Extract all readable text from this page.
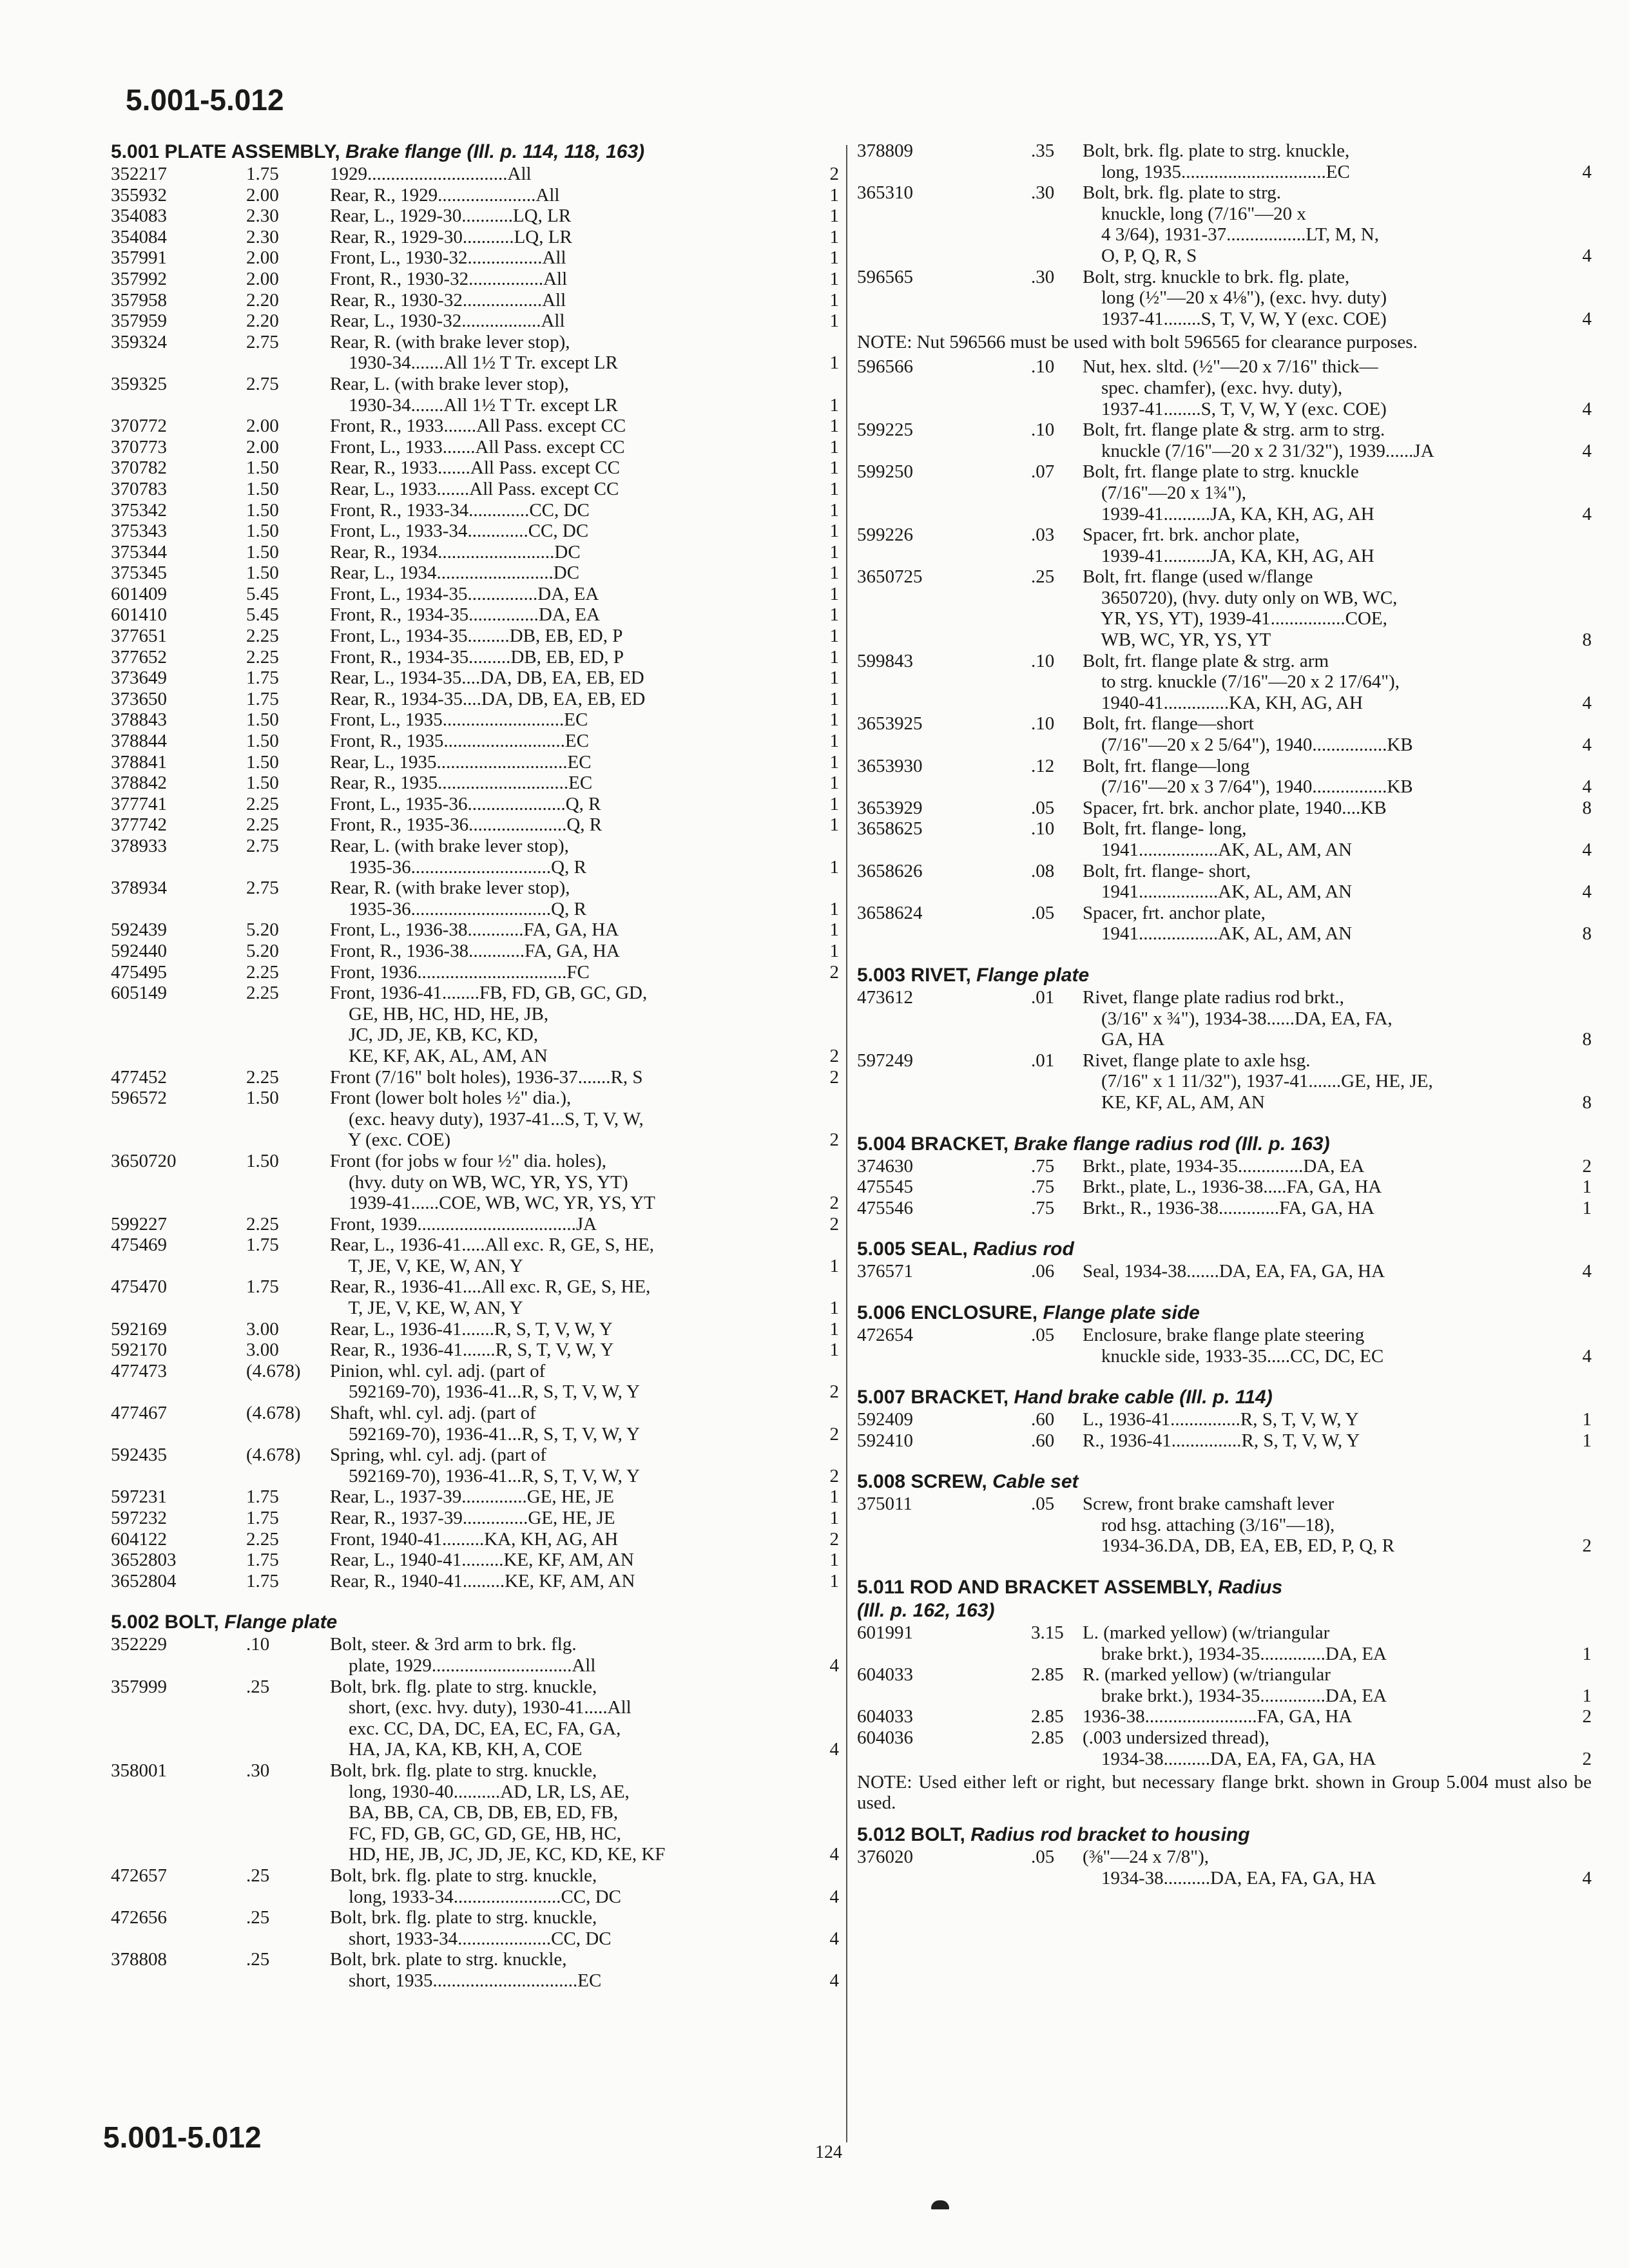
5.001-5.012
5.001 PLATE ASSEMBLY, Brake flange (Ill. p. 114, 118, 163)
352217	1.75	1929..............................All	2
355932	2.00	Rear, R., 1929.....................All	1
354083	2.30	Rear, L., 1929-30...........LQ, LR	1
354084	2.30	Rear, R., 1929-30...........LQ, LR	1
357991	2.00	Front, L., 1930-32................All	1
357992	2.00	Front, R., 1930-32................All	1
357958	2.20	Rear, R., 1930-32.................All	1
357959	2.20	Rear, L., 1930-32.................All	1
359324	2.75	Rear, R. (with brake lever stop),
1930-34.......All 1½ T Tr. except LR	1
359325	2.75	Rear, L. (with brake lever stop),
1930-34.......All 1½ T Tr. except LR	1
370772	2.00	Front, R., 1933.......All Pass. except CC	1
370773	2.00	Front, L., 1933.......All Pass. except CC	1
370782	1.50	Rear, R., 1933.......All Pass. except CC	1
370783	1.50	Rear, L., 1933.......All Pass. except CC	1
375342	1.50	Front, R., 1933-34.............CC, DC	1
375343	1.50	Front, L., 1933-34.............CC, DC	1
375344	1.50	Rear, R., 1934.........................DC	1
375345	1.50	Rear, L., 1934.........................DC	1
601409	5.45	Front, L., 1934-35...............DA, EA	1
601410	5.45	Front, R., 1934-35...............DA, EA	1
377651	2.25	Front, L., 1934-35.........DB, EB, ED, P	1
377652	2.25	Front, R., 1934-35.........DB, EB, ED, P	1
373649	1.75	Rear, L., 1934-35....DA, DB, EA, EB, ED	1
373650	1.75	Rear, R., 1934-35....DA, DB, EA, EB, ED	1
378843	1.50	Front, L., 1935..........................EC	1
378844	1.50	Front, R., 1935..........................EC	1
378841	1.50	Rear, L., 1935............................EC	1
378842	1.50	Rear, R., 1935............................EC	1
377741	2.25	Front, L., 1935-36.....................Q, R	1
377742	2.25	Front, R., 1935-36.....................Q, R	1
378933	2.75	Rear, L. (with brake lever stop),
1935-36..............................Q, R	1
378934	2.75	Rear, R. (with brake lever stop),
1935-36..............................Q, R	1
592439	5.20	Front, L., 1936-38............FA, GA, HA	1
592440	5.20	Front, R., 1936-38............FA, GA, HA	1
475495	2.25	Front, 1936................................FC	2
605149	2.25	Front, 1936-41........FB, FD, GB, GC, GD,
GE, HB, HC, HD, HE, JB,
JC, JD, JE, KB, KC, KD,
KE, KF, AK, AL, AM, AN	2
477452	2.25	Front (7/16" bolt holes), 1936-37.......R, S	2
596572	1.50	Front (lower bolt holes ½" dia.),
(exc. heavy duty), 1937-41...S, T, V, W,
Y (exc. COE)	2
3650720	1.50	Front (for jobs w four ½" dia. holes),
(hvy. duty on WB, WC, YR, YS, YT)
1939-41......COE, WB, WC, YR, YS, YT	2
599227	2.25	Front, 1939..................................JA	2
475469	1.75	Rear, L., 1936-41.....All exc. R, GE, S, HE,
T, JE, V, KE, W, AN, Y	1
475470	1.75	Rear, R., 1936-41....All exc. R, GE, S, HE,
T, JE, V, KE, W, AN, Y	1
592169	3.00	Rear, L., 1936-41.......R, S, T, V, W, Y	1
592170	3.00	Rear, R., 1936-41.......R, S, T, V, W, Y	1
477473	(4.678)	Pinion, whl. cyl. adj. (part of
592169-70), 1936-41...R, S, T, V, W, Y	2
477467	(4.678)	Shaft, whl. cyl. adj. (part of
592169-70), 1936-41...R, S, T, V, W, Y	2
592435	(4.678)	Spring, whl. cyl. adj. (part of
592169-70), 1936-41...R, S, T, V, W, Y	2
597231	1.75	Rear, L., 1937-39..............GE, HE, JE	1
597232	1.75	Rear, R., 1937-39..............GE, HE, JE	1
604122	2.25	Front, 1940-41.........KA, KH, AG, AH	2
3652803	1.75	Rear, L., 1940-41.........KE, KF, AM, AN	1
3652804	1.75	Rear, R., 1940-41.........KE, KF, AM, AN	1
5.002 BOLT, Flange plate
352229	.10	Bolt, steer. & 3rd arm to brk. flg.
plate, 1929..............................All	4
357999	.25	Bolt, brk. flg. plate to strg. knuckle,
short, (exc. hvy. duty), 1930-41.....All
exc. CC, DA, DC, EA, EC, FA, GA,
HA, JA, KA, KB, KH, A, COE	4
358001	.30	Bolt, brk. flg. plate to strg. knuckle,
long, 1930-40..........AD, LR, LS, AE,
BA, BB, CA, CB, DB, EB, ED, FB,
FC, FD, GB, GC, GD, GE, HB, HC,
HD, HE, JB, JC, JD, JE, KC, KD, KE, KF	4
472657	.25	Bolt, brk. flg. plate to strg. knuckle,
long, 1933-34.......................CC, DC	4
472656	.25	Bolt, brk. flg. plate to strg. knuckle,
short, 1933-34....................CC, DC	4
378808	.25	Bolt, brk. plate to strg. knuckle,
short, 1935...............................EC	4
378809	.35	Bolt, brk. flg. plate to strg. knuckle,
long, 1935...............................EC	4
365310	.30	Bolt, brk. flg. plate to strg.
knuckle, long (7/16"—20 x
4 3/64), 1931-37.................LT, M, N,
O, P, Q, R, S	4
596565	.30	Bolt, strg. knuckle to brk. flg. plate,
long (½"—20 x 4⅛"), (exc. hvy. duty)
1937-41........S, T, V, W, Y (exc. COE)	4
NOTE: Nut 596566 must be used with bolt 596565 for clearance purposes.
596566	.10	Nut, hex. sltd. (½"—20 x 7/16" thick—
spec. chamfer), (exc. hvy. duty),
1937-41........S, T, V, W, Y (exc. COE)	4
599225	.10	Bolt, frt. flange plate & strg. arm to strg.
knuckle (7/16"—20 x 2 31/32"), 1939......JA	4
599250	.07	Bolt, frt. flange plate to strg. knuckle
(7/16"—20 x 1¾"),
1939-41..........JA, KA, KH, AG, AH	4
599226	.03	Spacer, frt. brk. anchor plate,
1939-41..........JA, KA, KH, AG, AH
3650725	.25	Bolt, frt. flange (used w/flange
3650720), (hvy. duty only on WB, WC,
YR, YS, YT), 1939-41................COE,
WB, WC, YR, YS, YT	8
599843	.10	Bolt, frt. flange plate & strg. arm
to strg. knuckle (7/16"—20 x 2 17/64"),
1940-41..............KA, KH, AG, AH	4
3653925	.10	Bolt, frt. flange—short
(7/16"—20 x 2 5/64"), 1940................KB	4
3653930	.12	Bolt, frt. flange—long
(7/16"—20 x 3 7/64"), 1940................KB	4
3653929	.05	Spacer, frt. brk. anchor plate, 1940....KB	8
3658625	.10	Bolt, frt. flange- long,
1941.................AK, AL, AM, AN	4
3658626	.08	Bolt, frt. flange- short,
1941.................AK, AL, AM, AN	4
3658624	.05	Spacer, frt. anchor plate,
1941.................AK, AL, AM, AN	8
5.003 RIVET, Flange plate
473612	.01	Rivet, flange plate radius rod brkt.,
(3/16" x ¾"), 1934-38......DA, EA, FA,
GA, HA	8
597249	.01	Rivet, flange plate to axle hsg.
(7/16" x 1 11/32"), 1937-41.......GE, HE, JE,
KE, KF, AL, AM, AN	8
5.004 BRACKET, Brake flange radius rod (Ill. p. 163)
374630	.75	Brkt., plate, 1934-35..............DA, EA	2
475545	.75	Brkt., plate, L., 1936-38.....FA, GA, HA	1
475546	.75	Brkt., R., 1936-38.............FA, GA, HA	1
5.005 SEAL, Radius rod
376571	.06	Seal, 1934-38.......DA, EA, FA, GA, HA	4
5.006 ENCLOSURE, Flange plate side
472654	.05	Enclosure, brake flange plate steering
knuckle side, 1933-35.....CC, DC, EC	4
5.007 BRACKET, Hand brake cable (Ill. p. 114)
592409	.60	L., 1936-41...............R, S, T, V, W, Y	1
592410	.60	R., 1936-41...............R, S, T, V, W, Y	1
5.008 SCREW, Cable set
375011	.05	Screw, front brake camshaft lever
rod hsg. attaching (3/16"—18),
1934-36.DA, DB, EA, EB, ED, P, Q, R	2
5.011 ROD AND BRACKET ASSEMBLY, Radius
(Ill. p. 162, 163)
601991	3.15	L. (marked yellow) (w/triangular
brake brkt.), 1934-35..............DA, EA	1
604033	2.85	R. (marked yellow) (w/triangular
brake brkt.), 1934-35..............DA, EA	1
604033	2.85	1936-38........................FA, GA, HA	2
604036	2.85	(.003 undersized thread),
1934-38..........DA, EA, FA, GA, HA	2
NOTE: Used either left or right, but necessary flange brkt. shown in Group 5.004 must also be used.
5.012 BOLT, Radius rod bracket to housing
376020	.05	(⅜"—24 x 7/8"),
1934-38..........DA, EA, FA, GA, HA	4
5.001-5.012	124
